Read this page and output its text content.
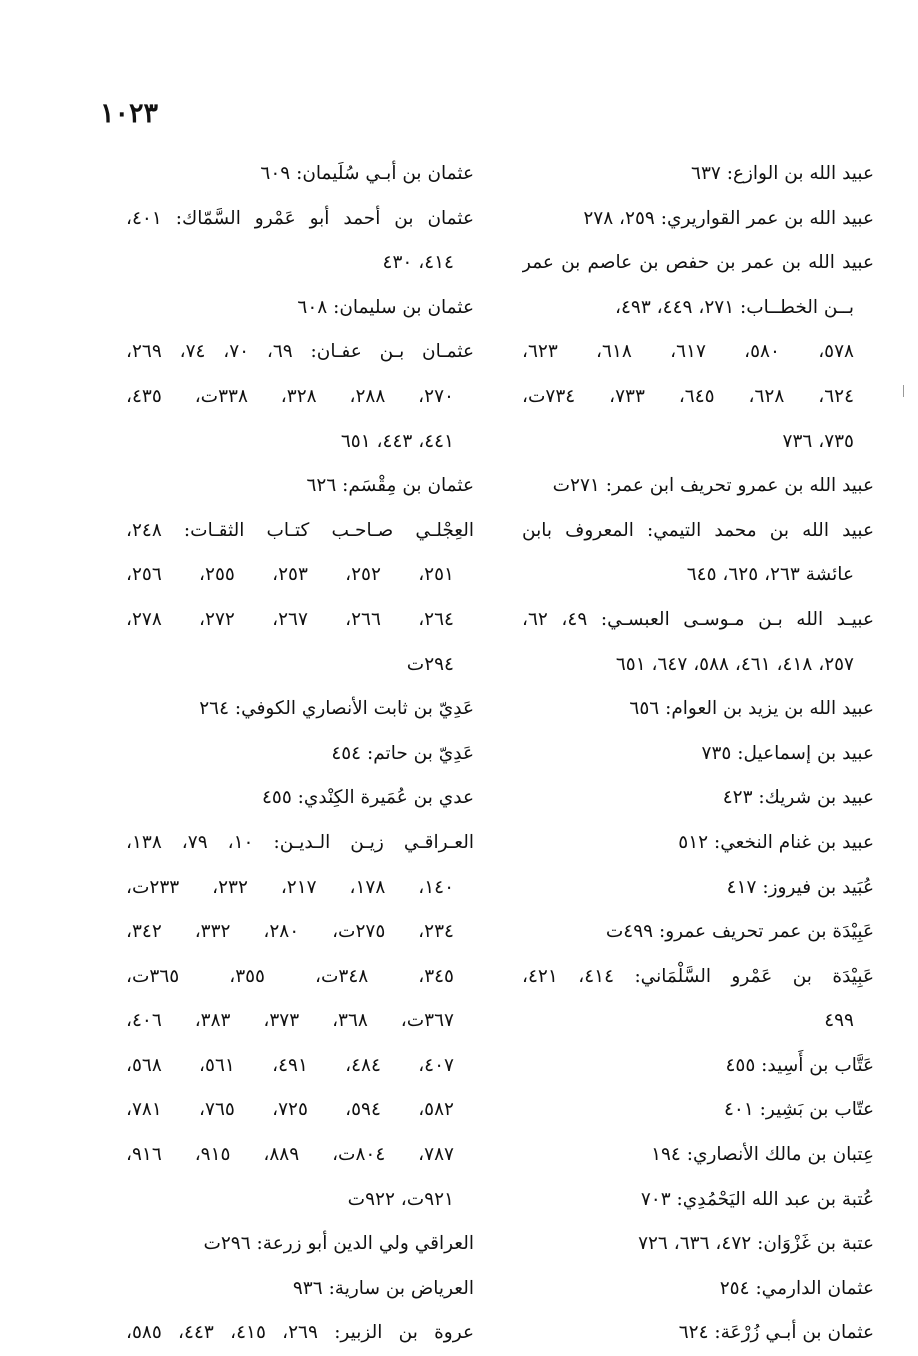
١٠٢٣
عبيد الله بن الوازع: ٦٣٧
عبيد الله بن عمر القواريري: ٢٥٩، ٢٧٨
عبيد الله بن عمر بن حفص بن عاصم بن عمر
بــن الخطــاب: ٢٧١، ٤٤٩، ٤٩٣،
٥٧٨، ٥٨٠، ٦١٧، ٦١٨، ٦٢٣،
٦٢٤، ٦٢٨، ٦٤٥، ٧٣٣، ٧٣٤ت،
٧٣٥، ٧٣٦
عبيد الله بن عمرو تحريف ابن عمر: ٢٧١ت
عبيد الله بن محمد التيمي: المعروف بابن
عائشة ٢٦٣، ٦٢٥، ٦٤٥
عبيـد الله بـن مـوسـى العبسـي: ٤٩، ٦٢،
٢٥٧، ٤١٨، ٤٦١، ٥٨٨، ٦٤٧، ٦٥١
عبيد الله بن يزيد بن العوام: ٦٥٦
عبيد بن إسماعيل: ٧٣٥
عبيد بن شريك: ٤٢٣
عبيد بن غنام النخعي: ٥١٢
عُبَيد بن فيروز: ٤١٧
عَبِيْدَة بن عمر تحريف عمرو: ٤٩٩ت
عَبِيْدَة بن عَمْرو السَّلْمَاني: ٤١٤، ٤٢١،
٤٩٩
عَتَّاب بن أَسِيد: ٤٥٥
عتّاب بن بَشِير: ٤٠١
عِتبان بن مالك الأنصاري: ١٩٤
عُتبة بن عبد الله اليَحْمُدِي: ٧٠٣
عتبة بن غَزْوَان: ٤٧٢، ٦٣٦، ٧٢٦
عثمان الدارمي: ٢٥٤
عثمان بن أبـي زُرْعَة: ٦٢٤
عثمان بن أبـي سُلَيمان: ٦٠٩
عثمان بن أحمد أبو عَمْرو السَّمّاك: ٤٠١،
٤١٤، ٤٣٠
عثمان بن سليمان: ٦٠٨
عثمـان بـن عفـان: ٦٩، ٧٠، ٧٤، ٢٦٩،
٢٧٠، ٢٨٨، ٣٢٨، ٣٣٨ت، ٤٣٥،
٤٤١، ٤٤٣، ٦٥١
عثمان بن مِقْسَم: ٦٢٦
العِجْلـي صـاحـب كتـاب الثقـات: ٢٤٨،
٢٥١، ٢٥٢، ٢٥٣، ٢٥٥، ٢٥٦،
٢٦٤، ٢٦٦، ٢٦٧، ٢٧٢، ٢٧٨،
٢٩٤ت
عَدِيّ بن ثابت الأنصاري الكوفي: ٢٦٤
عَدِيّ بن حاتم: ٤٥٤
عدي بن عُمَيرة الكِنْدي: ٤٥٥
العـراقـي زيـن الـديـن: ١٠، ٧٩، ١٣٨،
١٤٠، ١٧٨، ٢١٧، ٢٣٢، ٢٣٣ت،
٢٣٤، ٢٧٥ت، ٢٨٠، ٣٣٢، ٣٤٢،
٣٤٥، ٣٤٨ت، ٣٥٥، ٣٦٥ت،
٣٦٧ت، ٣٦٨، ٣٧٣، ٣٨٣، ٤٠٦،
٤٠٧، ٤٨٤، ٤٩١، ٥٦١، ٥٦٨،
٥٨٢، ٥٩٤، ٧٢٥، ٧٦٥، ٧٨١،
٧٨٧، ٨٠٤ت، ٨٨٩، ٩١٥، ٩١٦،
٩٢١ت، ٩٢٢ت
العراقي ولي الدين أبو زرعة: ٢٩٦ت
العرياض بن سارية: ٩٣٦
عروة بن الزبير: ٢٦٩، ٤١٥، ٤٤٣، ٥٨٥،
